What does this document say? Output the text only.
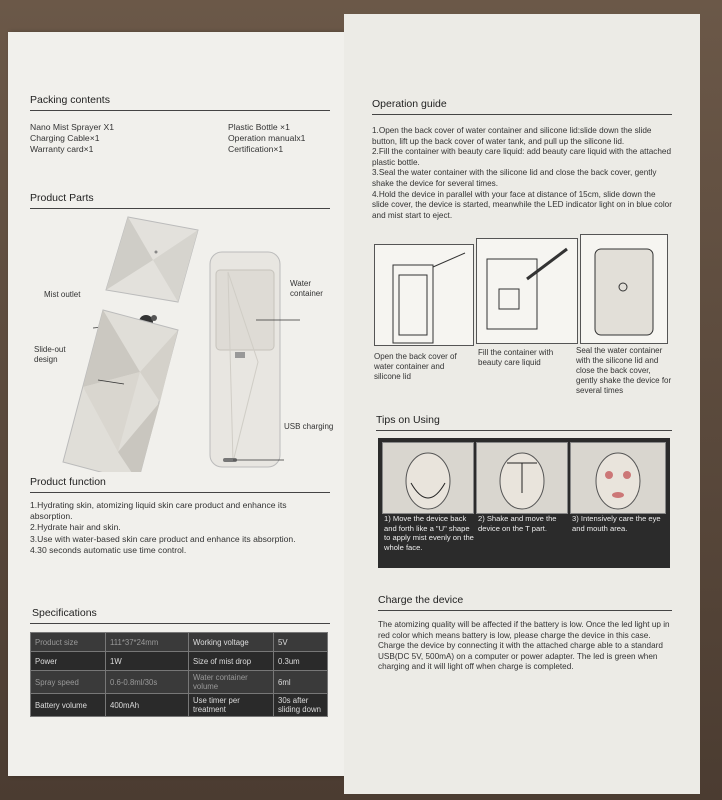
Packing contents
Nano Mist Sprayer X1
Charging Cable×1
Warranty card×1
Plastic Bottle ×1
Operation manualx1
Certification×1
Product Parts
Mist outlet
Slide-out design
Water container
USB charging
Product function
1.Hydrating skin, atomizing liquid skin care product and enhance its absorption.
2.Hydrate hair and skin.
3.Use with water-based skin care product and enhance its absorption.
4.30 seconds automatic use time control.
Specifications
Product size	111*37*24mm	Working voltage	5V
Power	1W	Size of mist drop	0.3um
Spray speed	0.6-0.8ml/30s	Water container volume	6ml
Battery volume	400mAh	Use timer per treatment	30s after sliding down
Operation guide
1.Open the back cover of water container and silicone lid:slide down the slide button, lift up the back cover of water tank, and pull up the silicone lid.
2.Fill the container with beauty care liquid: add beauty care liquid with the attached plastic bottle.
3.Seal the water container with the silicone lid and close the back cover, gently shake the device for several times.
4.Hold the device in parallel with your face at distance of 15cm, slide down the slide cover, the device is started, meanwhile the LED indicator light on in blue color and mist start to eject.
Open the back cover of water container and silicone lid
Fill the container with beauty care liquid
Seal the water container with the silicone lid and close the back cover, gently shake the device for several times
Tips on Using
1) Move the device back and forth like a "U" shape to apply mist evenly on the whole face.
2) Shake and move the device on the T part.
3) Intensively care the eye and mouth area.
Charge the device
The atomizing quality will be affected if the battery is low. Once the led light up in red color which means battery is low, please charge the device in this case.
Charge the device by connecting it with the attached charge able to a standard USB(DC 5V, 500mA) on a computer or power adapter. The led is green when charging and it will light off when charge is completed.
